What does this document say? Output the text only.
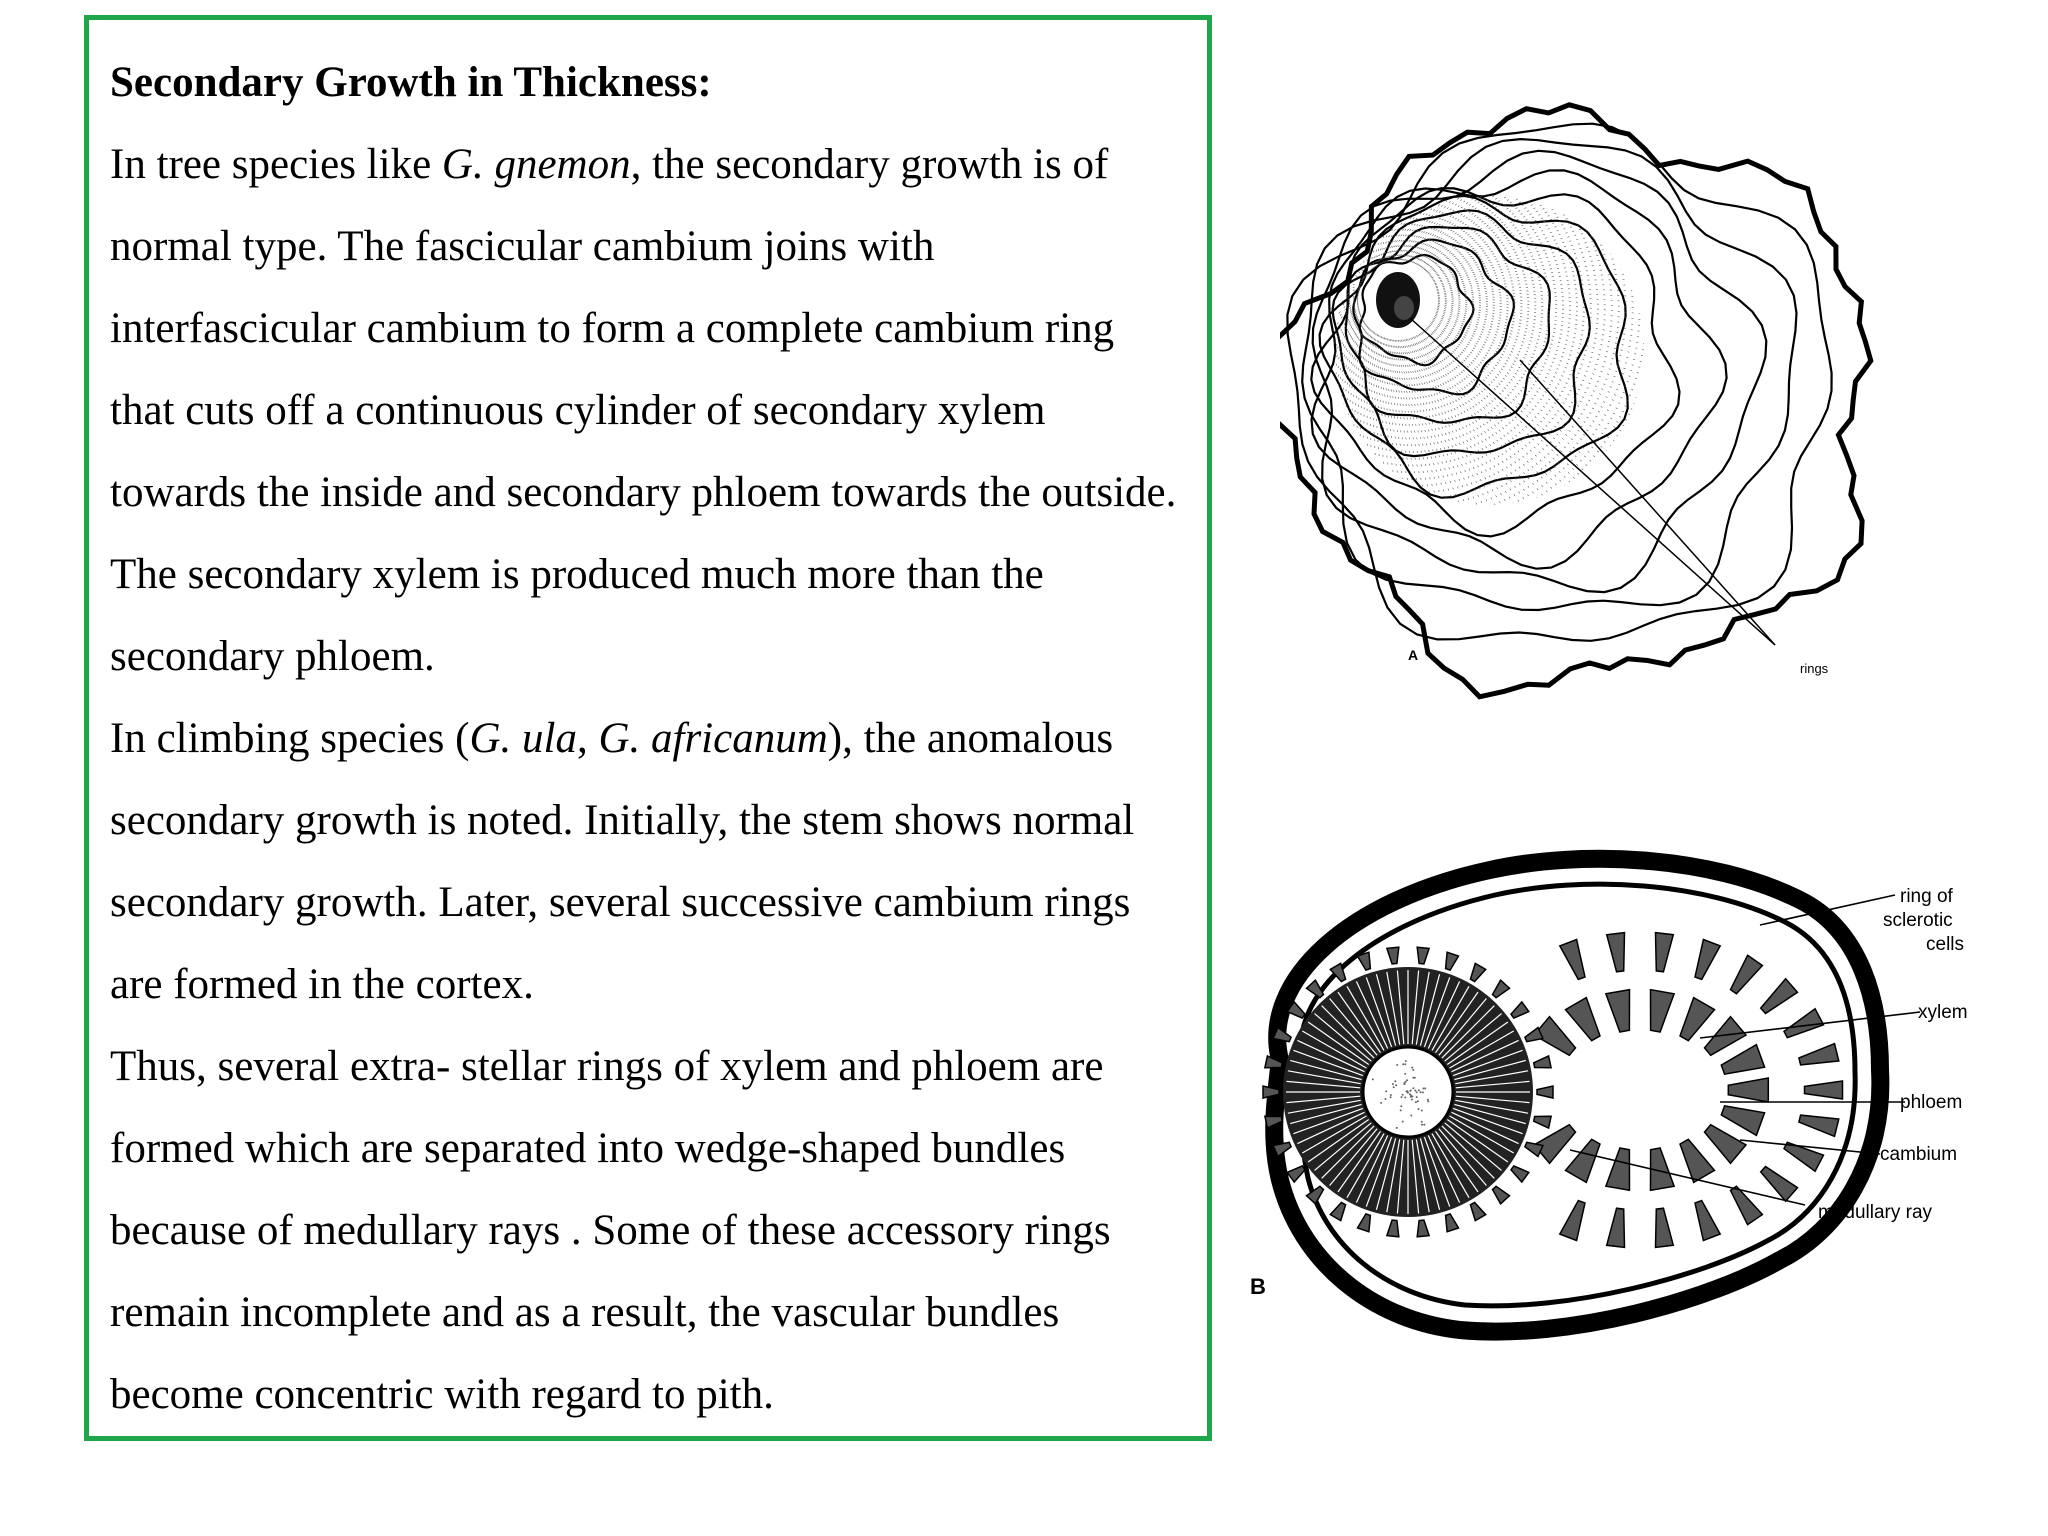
Secondary Growth in Thickness:
In tree species like G. gnemon, the secondary growth is of normal type. The fascicular cambium joins with interfascicular cambium to form a complete cambium ring that cuts off a continuous cylinder of secondary xylem towards the inside and secondary phloem towards the outside. The secondary xylem is produced much more than the secondary phloem.
In climbing species (G. ula, G. africanum), the anomalous secondary growth is noted. Initially, the stem shows normal secondary growth. Later, several successive cambium rings are formed in the cortex.
Thus, several extra- stellar rings of xylem and phloem are formed which are separated into wedge-shaped bundles because of medullary rays . Some of these accessory rings remain incomplete and as a result, the vascular bundles become concentric with regard to pith.
A
rings
ring of
sclerotic
cells
xylem
phloem
cambium
medullary ray
B
